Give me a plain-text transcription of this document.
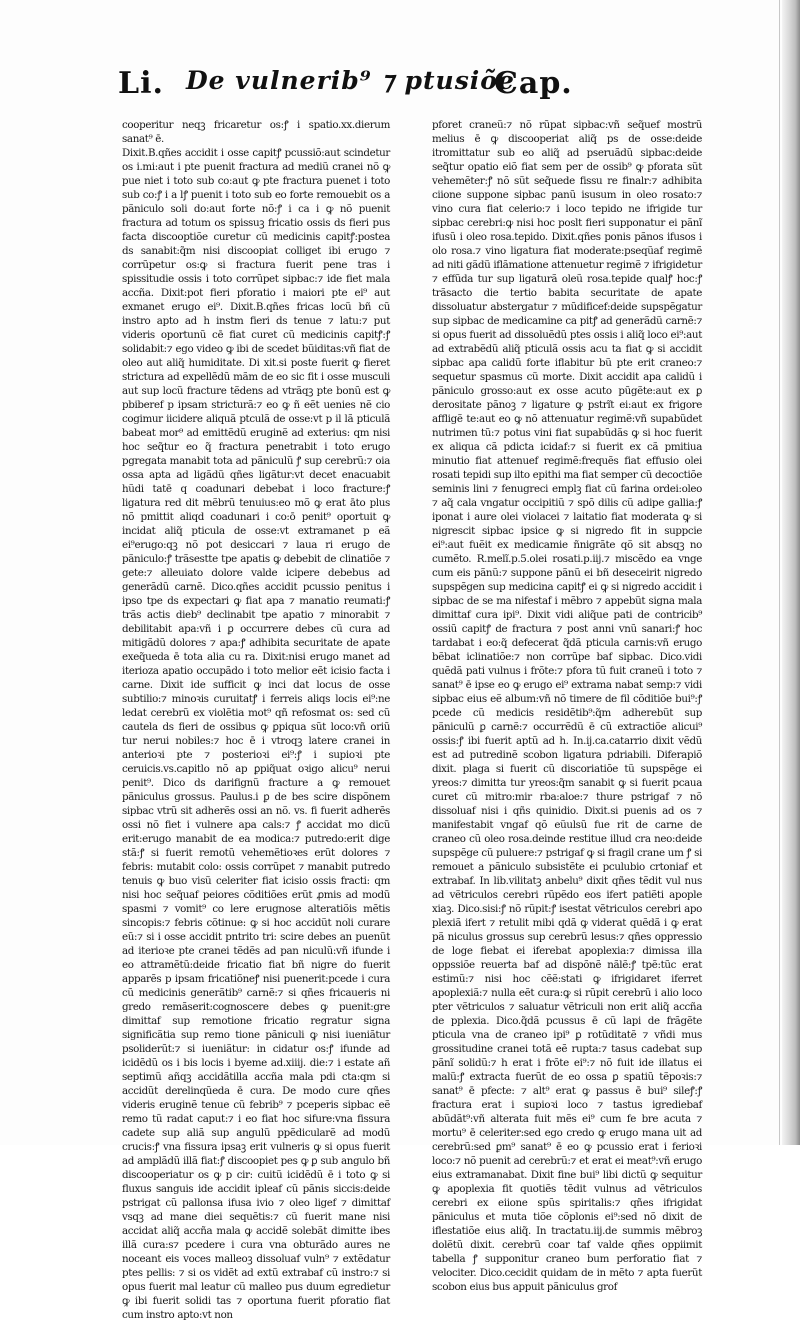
Li. De vulnerib⁹ ⁊ ptusiõe
Cap.

cooperitur neqꝫ fricaretur os:ꝭ i spatio.xx.dierum sanat⁹ ē.
Dixit.B.qñes accidit i osse capitꝭ pcussiõ:aut scindetur os i.mi:aut i pte puenit fractura ad mediũ cranei nõ ꝙ pue niet i toto sub co:aut ꝙ pte fractura puenet i toto sub co:ꝭ i a lꝭ puenit i toto sub eo forte remouebit os a pãniculo soli do:aut forte nõ:ꝭ i ca i ꝙ nõ puenit fractura ad totum os spissuꝫ fricatio ossis ds fieri pus facta discooptiõe curetur cũ medicinis capitꝭ:postea ds sanabit:q̃m nisi discoopiat colliget ibi erugo ⁊ corrũpetur os:ꝙ si fractura fuerit pene tras i spissitudie ossis i toto corrũpet sipbac:⁊ ide fiet mala accña. Dixit:pot fieri pforatio i maiori pte ei⁹ aut exmanet erugo ei⁹. Dixit.B.qñes fricas locũ bñ cũ instro apto ad h instm fieri ds tenue ⁊ latu:⁊ put videris oportunũ cē fiat curet cũ medicinis capitꝭ:ꝭ solidabit:⁊ ego video ꝙ ibi de scedet bũiditas:vñ fiat de oleo aut aliq̃ humiditate. Di xit.si poste fuerit ꝙ fieret strictura ad expellẽdũ mãm de eo sic fit i osse musculi aut sup locũ fracture tẽdens ad vtrãqꝫ pte bonũ est ꝙ pbiberef p ipsam stricturã:⁊ eo ꝙ ñ eẽt uenies nẽ cio cogimur iicidere aliquã ptculã de osse:vt p il lã pticulã babeat mor⁹ ad emittẽdũ eruginẽ ad exterius: qm nisi hoc seq̃tur eo q̃ fractura penetrabit i toto erugo pgregata manabit tota ad pãniculũ ꝭ sup cerebrũ:⁊ oia ossa apta ad ligãdũ qñes ligãtur:vt decet enacuabit hũdi tatē q coadunari debebat i loco fracture:ꝭ ligatura red dit mẽbrũ tenuius:eo mõ ꝙ erat āto plus nõ pmittit aliqd coadunari i co:ō penit⁹ oportuit ꝙ incidat aliq̃ pticula de osse:vt extramanet p eã ei⁹erugo:qꝫ nõ pot desiccari ⁊ laua ri erugo de pãniculo:ꝭ trãsestte tpe apatis ꝙ debebit de clinatiõe ⁊ gete:⁊ alleuiato dolore valde icipere debebus ad generãdũ carnẽ. Dico.qñes accidit pcussio penitus i ipso tpe ds expectari ꝙ fiat apa ⁊ manatio reumati:ꝭ trãs actis dieb⁹ declinabit tpe apatio ⁊ minorabit ⁊ debilitabit apa:vñ i ꝑ occurrere debes cũ cura ad mitigãdũ dolores ⁊ apa:ꝭ adhibita securitate de apate exeq̃ueda ē tota alia cu ra. Dixit:nisi erugo manet ad iterioza apatio occupãdo i toto melior eẽt icisio facta i carne. Dixit ide sufficit ꝙ inci dat locus de osse subtilio:⁊ minoꝛis curuitatꝭ i ferreis aliqs locis ei⁹:ne ledat cerebrũ ex violẽtia mot⁹ qñ refosmat os: sed cũ cautela ds fieri de ossibus ꝙ ꝑpiqua sũt loco:vñ oriũ tur nerui nobiles:⁊ hoc ē i vtroqꝫ latere cranei in anterioꝛi pte ⁊ posterioꝛi ei⁹:ꝭ i supioꝛi pte ceruicis.vs.capitlo nõ ap ꝑpiq̃uat oꝛigo alicu⁹ nerui penit⁹. Dico ds darifignũ fracture a ꝙ remouet pãniculus grossus. Paulus.i ꝑ de bes scire dispõnem sipbac vtrũ sit adherẽs ossi an nõ. vs. fi fuerit adherẽs ossi nõ fiet i vulnere apa cals:⁊ ꝭ accidat mo dicũ erit:erugo manabit de ea modica:⁊ putredo:erit dige stã:ꝭ si fuerit remotũ vehemẽtioꝛes erũt dolores ⁊ febris: mutabit colo: ossis corrũpet ⁊ manabit putredo tenuis ꝙ buo visũ celeriter fiat icisio ossis fracti: qm nisi hoc seq̃uaf peiores cõditiões erũt ꝓmis ad modũ spasmi ⁊ vomit⁹ co lere erugnose alteratiõis mẽtis sincopis:⁊ febris cõtinue: ꝙ si hoc accidũt noli curare eũ:⁊ si i osse accidit pntrito tri: scire debes an puenũt ad iterioꝛe pte cranei tẽdẽs ad pan niculũ:vñ ifunde i eo attramẽtũ:deide fricatio fiat bñ nigre do fuerit apparẽs p ipsam fricatiõneꝭ nisi puenerit:pcede i cura cũ medicinis generãtib⁹ carnẽ:⁊ si qñes fricaueris ni gredo remãserit:cognoscere debes ꝙ puenit:gre dimittaf sup remotione fricatio regratur signa significãtia sup remo tione pãniculi ꝙ nisi iueniãtur psoliderũt:⁊ si iueniãtur: in cidatur os:ꝭ ifunde ad icidẽdũ os i bis locis i byeme ad.xiiij. die:⁊ i estate añ septimũ añqꝫ accidãtilla accña mala pdi cta:qm si accidũt derelinqũeda ē cura. De modo cure qñes videris eruginẽ tenue cũ febrib⁹ ⁊ pceperis sipbac eẽ remo tũ radat caput:⁊ i eo fiat hoc sifure:vna fissura cadete sup aliã sup angulũ ppẽdicularẽ ad modũ crucis:ꝭ vna fissura ipsaꝫ erit vulneris ꝙ si opus fuerit ad amplãdũ illã fiat:ꝭ discoopiet pes ꝙ ꝑ sub angulo bñ discooperiatur os ꝙ p cir: cuitũ icidẽdũ ē i toto ꝙ si fluxus sanguis ide accidit ipleaf cũ pãnis siccis:deide pstrigat cũ pallonsa ifusa ivio ⁊ oleo ligef ⁊ dimittaf vsqꝫ ad mane diei sequẽtis:⁊ cũ fuerit mane nisi accidat aliq̃ accña mala ꝙ accidẽ solebãt dimitte ibes illã cura:s⁊ pcedere i cura vna obturãdo aures ne noceant eis voces malleoꝫ dissoluaf vuln⁹ ⁊ extẽdatur ptes pellis: ⁊ si os vidẽt ad extũ extrabaf cũ instro:⁊ si opus fuerit mal leatur cũ malleo pus duum egredietur ꝙ ibi fuerit solidi tas ⁊ oportuna fuerit pforatio fiat cum instro apto:vt non

pforet craneũ:⁊ nõ rũpat sipbac:vñ seq̃uef mostrũ melius ē ꝙ discooperiat aliq̃ ps de osse:deide itromittatur sub eo aliq̃ ad pseruãdũ sipbac:deide seq̃tur opatio eiõ fiat sem per de ossib⁹ ꝙ pforata sũt vehemẽter:ꝭ nõ sũt seq̃uede fissu re finalr:⁊ adhibita ciione suppone sipbac panũ isusum in oleo rosato:⁊ vino cura fiat celerio:⁊ i loco tepido ne ifrigide tur sipbac cerebri:ꝙ nisi hoc poslt fieri supponatur ei pãnĩ ifusũ i oleo rosa.tepido. Dixit.qñes ponis pãnos ifusos i olo rosa.⁊ vino ligatura fiat moderate:pseqũaf regimẽ ad niti gãdũ iflãmatione attenuetur regimẽ ⁊ ifrigidetur ⁊ effũda tur sup ligaturã oleũ rosa.tepide qualꝭ hoc:ꝭ trãsacto die tertio babita securitate de apate dissoluatur abstergatur ⁊ mũdificef:deide supspẽgatur sup sipbac de medicamine ca pitꝭ ad generãdũ carnẽ:⁊ si opus fuerit ad dissoluẽdũ ptes ossis i aliq̃ loco ei⁹:aut ad extrabẽdũ aliq̃ pticulã ossis acu ta fiat ꝙ si accidit sipbac apa calidũ forte iflabitur bũ pte erit craneo:⁊ sequetur spasmus cũ morte. Dixit accidit apa calidũ i pãniculo grosso:aut ex osse acuto pũgẽte:aut ex ꝑ derositate pãnoꝫ ⁊ ligature ꝙ pstrĩt ei:aut ex frigore affligẽ te:aut eo ꝙ nõ attenuatur regimẽ:vñ supabũdet nutrimen tũ:⁊ potus vini fiat supabũdãs ꝙ si hoc fuerit ex aliqua cã pdicta icidaf:⁊ si fuerit ex cã pmitiua minutio fiat attenuef regimẽ:frequẽs fiat effusio olei rosati tepidi sup ilto epithi ma fiat semper cũ decoctiõe seminis lini ⁊ fenugreci emplꝫ fiat cũ farina ordei:oleo ⁊ aq̃ cala vngatur occipitiũ ⁊ spõ dilis cũ adipe gallia:ꝭ iponat i aure olei violacei ⁊ laitatio fiat moderata ꝙ si nigrescit sipbac ipsice ꝙ si nigredo fit in suppcie ei⁹:aut fuẽit ex medicamie ñnigrãte qõ sit absqꝫ no cumẽto. R.melĩ.p.5.olei rosati.p.iij.⁊ miscẽdo ea vnge cum eis pãnũ:⁊ suppone pãnũ ei bñ deseceirit nigredo supspẽgen sup medicina capitꝭ ei ꝙ si nigredo accidit i sipbac de se ma nifestaf i mẽbro ⁊ appebũt signa mala dimittaf cura ipi⁹. Dixit vidi aliq̃ue pati de contricib⁹ ossiũ capitꝭ de fractura ⁊ post anni vnũ sanari:ꝭ hoc tardabat i eo:q̃ defecerat q̃dã pticula carnis:vñ erugo bẽbat iclinatiõe:⁊ non corrũpe baf sipbac. Dico.vidi quẽdã pati vulnus i frõte:⁊ pfora tũ fuit craneũ i toto ⁊ sanat⁹ ē ipse eo ꝙ erugo ei⁹ extrama nabat semp:⁊ vidi sipbac eius eẽ album:vñ nõ timere de fil cõditiõe bui⁹:ꝭ pcede cũ medicis residẽtib⁹:q̃m adherebũt sup pãniculũ ꝑ carnẽ:⁊ occurrẽdũ ē cũ extractiõe alicui⁹ ossis:ꝭ ibi fuerit aptũ ad h. In.ij.ca.catarrio dixit vẽdũ est ad putredinẽ scobon ligatura pdriabili. Diferapiõ dixit. plaga si fuerit cũ discoriatiõe tũ supspẽge ei yreos:⁊ dimitta tur yreos:q̃m sanabit ꝙ si fuerit pcaua curet cũ mitro:mir rba:aloe:⁊ thure pstrigaf ⁊ nõ dissoluaf nisi i qñs quinidio. Dixit.si puenis ad os ⁊ manifestabit vngaf qõ eũulsũ fue rit de carne de craneo cũ oleo rosa.deinde restitue illud cra neo:deide supspẽge cũ puluere:⁊ pstrigaf ꝙ si fragil crane um ꝭ si remouet a pãniculo subsistẽte ei pculubio crtoniaf et extrabaf. In lib.vilitatꝫ anbelu⁹ dixit qñes tẽdit vul nus ad vẽtriculos cerebri rũpẽdo eos ifert patiẽti apople xiaꝫ. Dico.sisi:ꝭ nõ rũpit:ꝭ isestat vẽtriculos cerebri apo plexiã ifert ⁊ retulit mibi qdã ꝙ viderat quẽdã i ꝙ erat pã niculus grossus sup cerebrũ lesus:⁊ qñes oppressio de loge fiebat ei iferebat apoplexia:⁊ dimissa illa oppssiõe reuerta baf ad dispõnẽ nãlẽ:ꝭ tpẽ:tũc erat estimũ:⁊ nisi hoc cẽẽ:stati ꝙ ifrigidaret iferret apoplexiã:⁊ nulla eẽt cura:ꝙ si rũpit cerebrũ i alio loco pter vẽtriculos ⁊ saluatur vẽtriculi non erit aliq̃ accña de pplexia. Dico.q̃dã pcussus ē cũ lapi de frãgẽte pticula vna de craneo ipi⁹ ꝑ rotũditatẽ ⁊ vñdi mus grossitudine cranei totã eẽ rupta:⁊ tasus cadebat sup pãnĩ solidũ:⁊ h erat i frõte ei⁹:⁊ nõ fuit ide illatus ei malũ:ꝭ extracta fuerũt de eo ossa ꝑ spatiũ tẽpoꝛis:⁊ sanat⁹ ē pfecte: ⁊ alt⁹ erat ꝙ passus ē bui⁹ sileꝭ:ꝭ fractura erat i supioꝛi loco ⁊ tastus igrediebaf abũdãt⁹:vñ alterata fuit mẽs ei⁹ cum fe bre acuta ⁊ mortu⁹ ē celeriter:sed ego credo ꝙ erugo mana uit ad cerebrũ:sed ꝑm⁹ sanat⁹ ē eo ꝙ pcussio erat i ferioꝛi loco:⁊ nõ puenit ad cerebrũ:⁊ et erat ei meat⁹:vñ erugo eius extramanabat. Dixit fine bui⁹ libi dictũ ꝙ sequitur ꝙ apoplexia fit quotiẽs tẽdit vulnus ad vẽtriculos cerebri ex eiione spũs spiritalis:⁊ qñes ifrigidat pãniculus et muta tiõe cõplonis ei⁹:sed nõ dixit de iflestatiõe eius aliq̃. In tractatu.iij.de summis mẽbroꝫ dolẽtũ dixit. cerebrũ coar taf valde qñes oppiimit tabella ꝭ supponitur craneo bum perforatio fiat ⁊ velociter. Dico.cecidit quidam de in mẽto ⁊ apta fuerũt scobon eius bus appuit pãniculus grof
